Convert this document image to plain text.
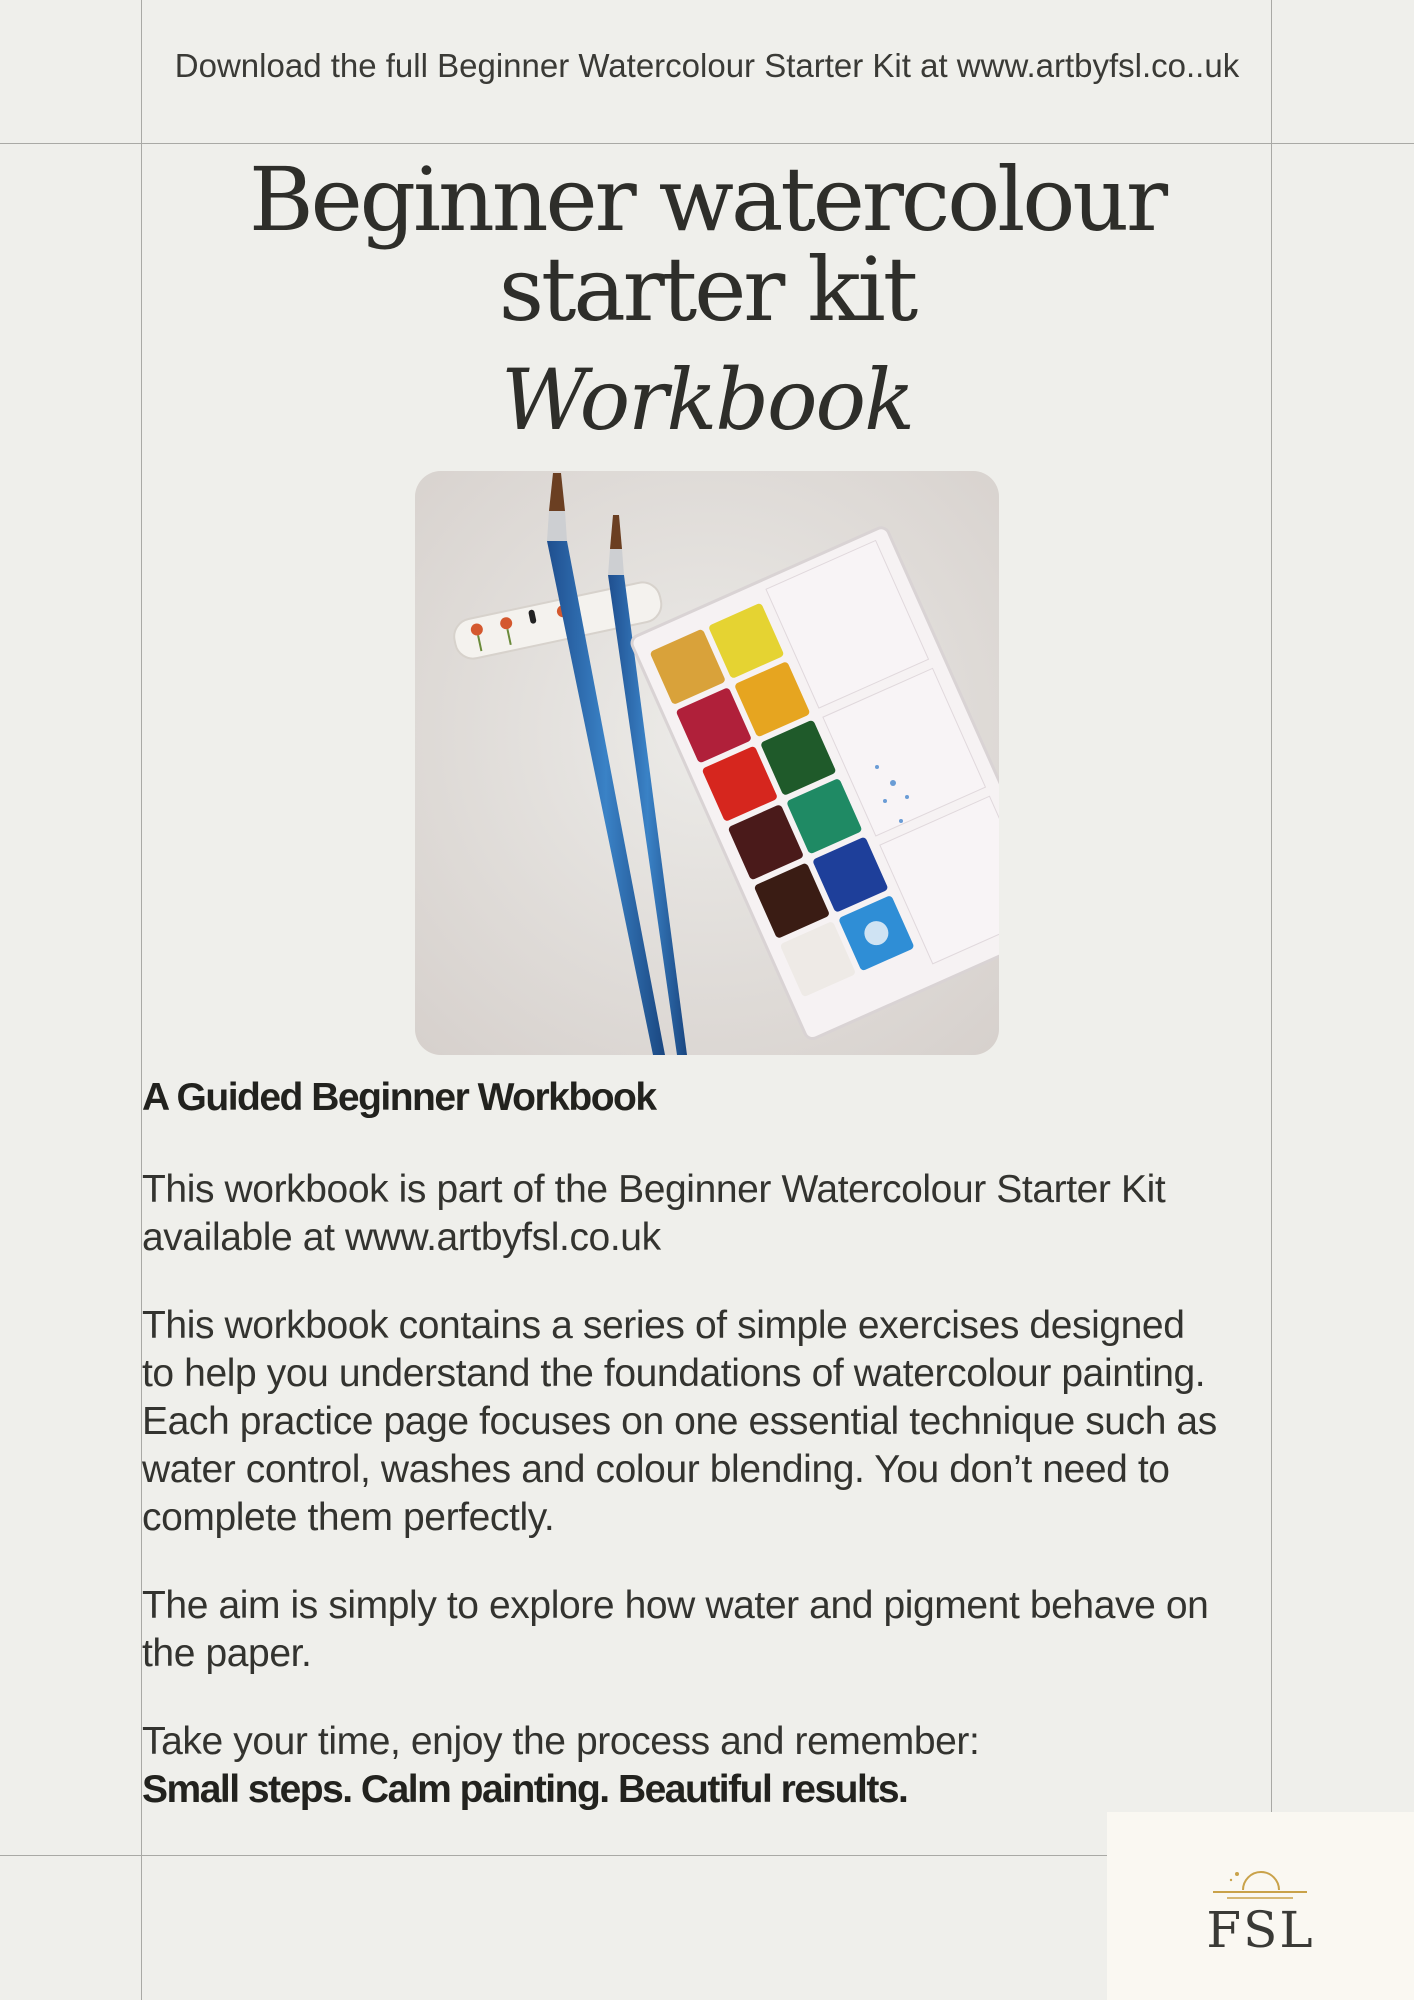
Download the full Beginner Watercolour Starter Kit at www.artbyfsl.co..uk
Beginner watercolour
starter kit
Workbook
A Guided Beginner Workbook

This workbook is part of the Beginner Watercolour Starter Kit
available at www.artbyfsl.co.uk

This workbook contains a series of simple exercises designed
to help you understand the foundations of watercolour painting.
Each practice page focuses on one essential technique such as
water control, washes and colour blending. You don’t need to
complete them perfectly.

The aim is simply to explore how water and pigment behave on
the paper.

Take your time, enjoy the process and remember:
Small steps. Calm painting. Beautiful results.

FSL
